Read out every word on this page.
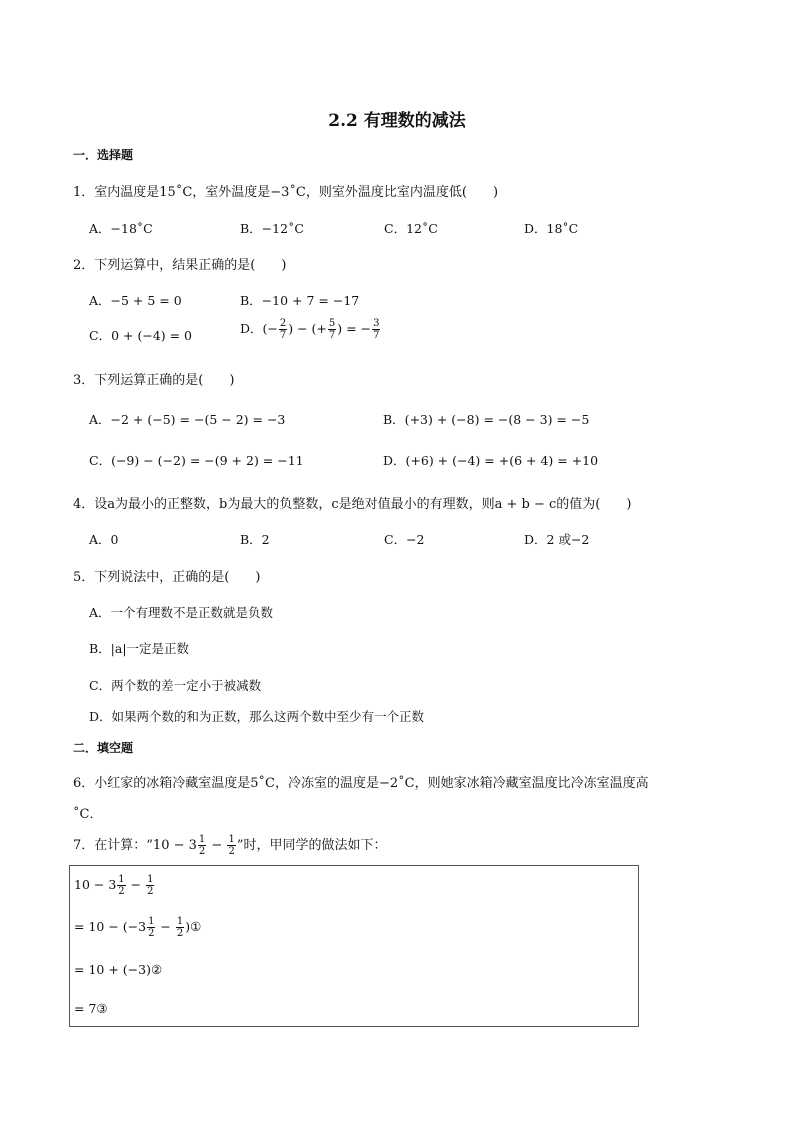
2.2 有理数的减法
一．选择题
1．室内温度是15˚C，室外温度是−3˚C，则室外温度比室内温度低(　　)
A．−18˚C	B．−12˚C	C．12˚C	D．18˚C
2．下列运算中，结果正确的是(　　)
A．−5 + 5 = 0	B．−10 + 7 = −17
C．0 + (−4) = 0	D．(− $\frac{2}{7}$ ) − (+ $\frac{5}{7}$ ) = − $\frac{3}{7}$
3．下列运算正确的是(　　)
A．−2 + (−5) = −(5 − 2) = −3	B．(+3) + (−8) = −(8 − 3) = −5
C．(−9) − (−2) = −(9 + 2) = −11	D．(+6) + (−4) = +(6 + 4) = +10
4．设a为最小的正整数，b为最大的负整数，c是绝对值最小的有理数，则a + b − c的值为(　　)
A．0	B．2	C．−2	D．2 或−2
5．下列说法中，正确的是(　　)
A．一个有理数不是正数就是负数
B．|a|一定是正数
C．两个数的差一定小于被减数
D．如果两个数的和为正数，那么这两个数中至少有一个正数
二．填空题
6．小红家的冰箱冷藏室温度是5˚C，冷冻室的温度是−2˚C，则她家冰箱冷藏室温度比冷冻室温度高
˚C．
7．在计算：“$10 - 3 \frac{1}{2} - \frac{1}{2}$ ”时，甲同学的做法如下：
$10 - 3 \frac{1}{2} - \frac{1}{2}$
= $10 - (-3 \frac{1}{2} - \frac{1}{2}$ )①
= 10 + (−3)②
= 7③
